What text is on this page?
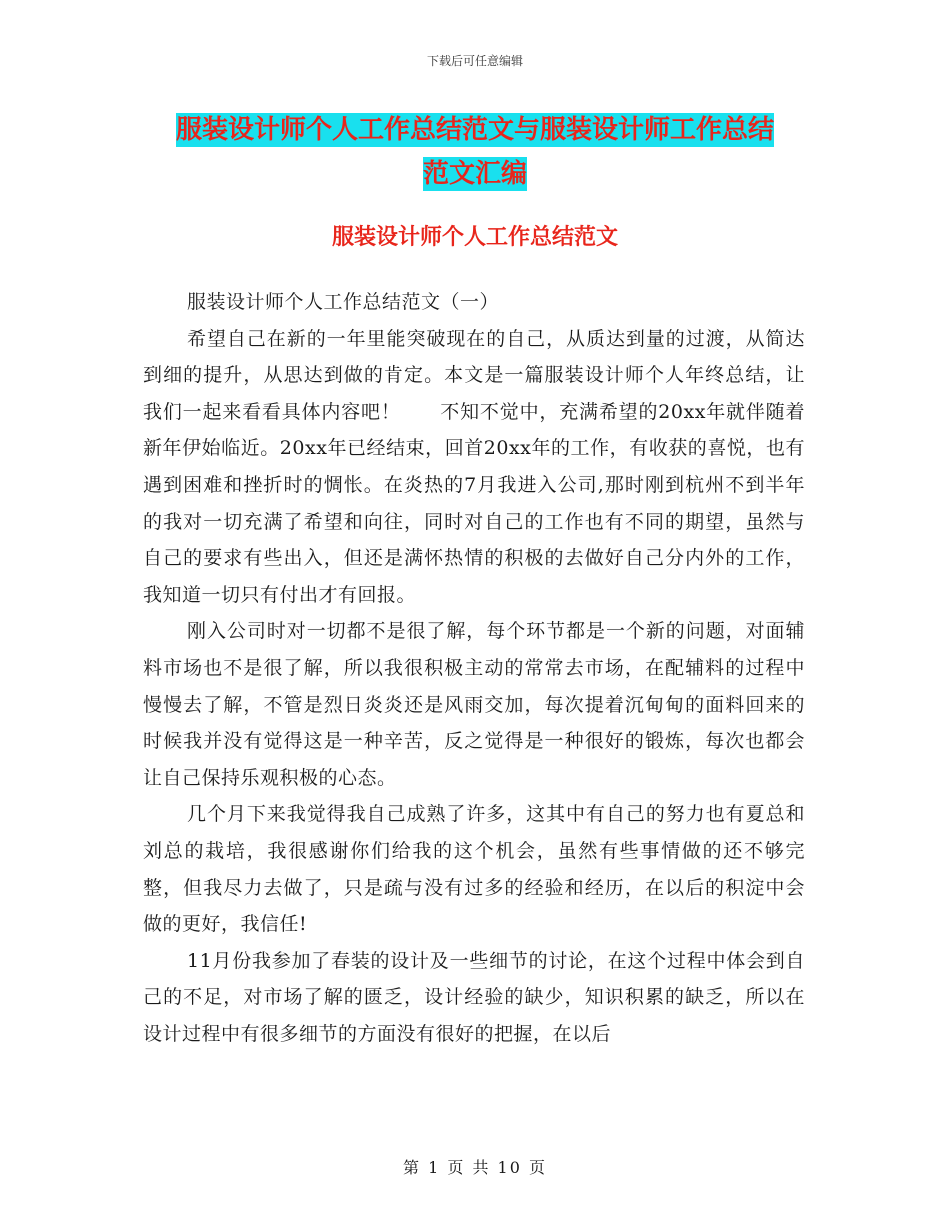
下载后可任意编辑
服装设计师个人工作总结范文与服装设计师工作总结
范文汇编
服装设计师个人工作总结范文

服装设计师个人工作总结范文（一）

希望自己在新的一年里能突破现在的自己，从质达到量的过渡，从简达到细的提升，从思达到做的肯定。本文是一篇服装设计师个人年终总结，让我们一起来看看具体内容吧！　　不知不觉中，充满希望的20xx年就伴随着新年伊始临近。20xx年已经结束，回首20xx年的工作，有收获的喜悦，也有遇到困难和挫折时的惆怅。在炎热的7月我进入公司,那时刚到杭州不到半年的我对一切充满了希望和向往，同时对自己的工作也有不同的期望，虽然与自己的要求有些出入，但还是满怀热情的积极的去做好自己分内外的工作，我知道一切只有付出才有回报。

刚入公司时对一切都不是很了解，每个环节都是一个新的问题，对面辅料市场也不是很了解，所以我很积极主动的常常去市场，在配辅料的过程中慢慢去了解，不管是烈日炎炎还是风雨交加，每次提着沉甸甸的面料回来的时候我并没有觉得这是一种辛苦，反之觉得是一种很好的锻炼，每次也都会让自己保持乐观积极的心态。

几个月下来我觉得我自己成熟了许多，这其中有自己的努力也有夏总和刘总的栽培，我很感谢你们给我的这个机会，虽然有些事情做的还不够完整，但我尽力去做了，只是疏与没有过多的经验和经历，在以后的积淀中会做的更好，我信任!

11月份我参加了春装的设计及一些细节的讨论，在这个过程中体会到自己的不足，对市场了解的匮乏，设计经验的缺少，知识积累的缺乏，所以在设计过程中有很多细节的方面没有很好的把握，在以后

第 1 页 共 10 页
